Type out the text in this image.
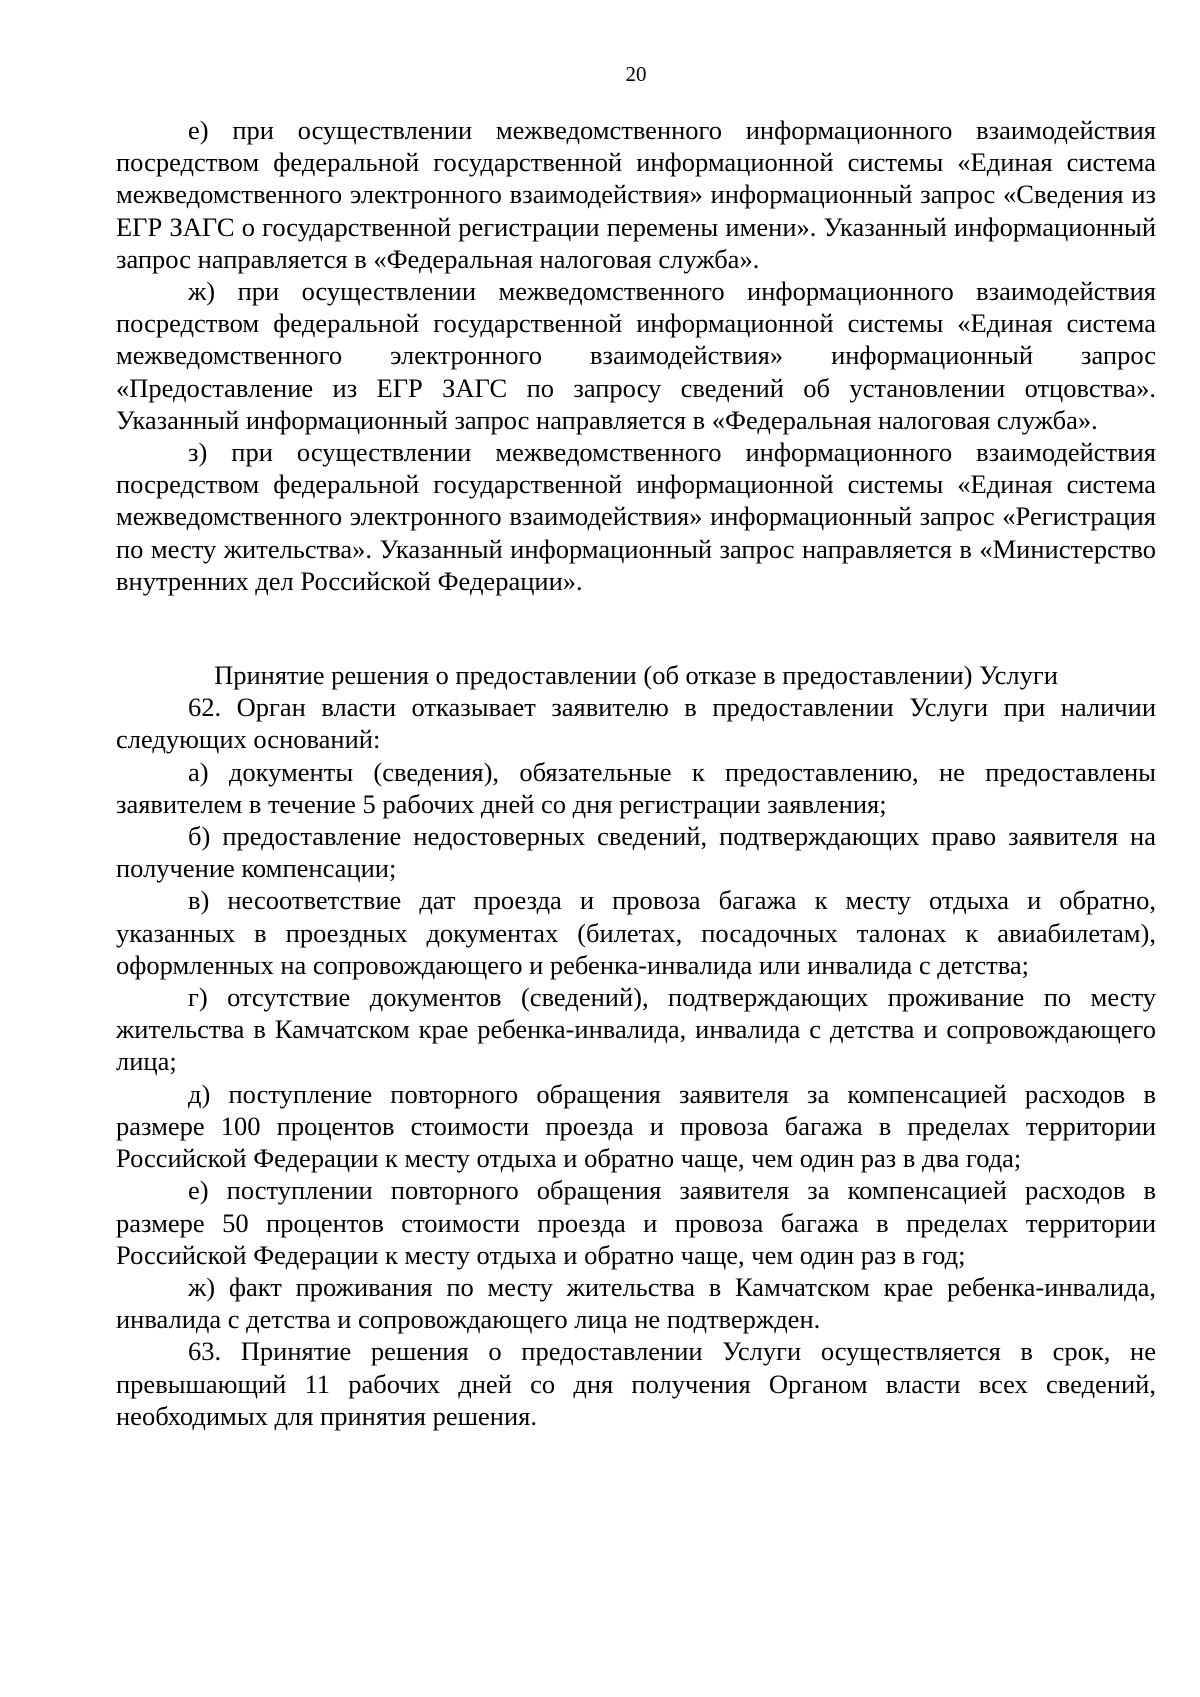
20

е) при осуществлении межведомственного информационного взаимодействия посредством федеральной государственной информационной системы «Единая система межведомственного электронного взаимодействия» информационный запрос «Сведения из ЕГР ЗАГС о государственной регистрации перемены имени». Указанный информационный запрос направляется в «Федеральная налоговая служба».

ж) при осуществлении межведомственного информационного взаимодействия посредством федеральной государственной информационной системы «Единая система межведомственного электронного взаимодействия» информационный запрос «Предоставление из ЕГР ЗАГС по запросу сведений об установлении отцовства». Указанный информационный запрос направляется в «Федеральная налоговая служба».

з) при осуществлении межведомственного информационного взаимодействия посредством федеральной государственной информационной системы «Единая система межведомственного электронного взаимодействия» информационный запрос «Регистрация по месту жительства». Указанный информационный запрос направляется в «Министерство внутренних дел Российской Федерации».

Принятие решения о предоставлении (об отказе в предоставлении) Услуги

62. Орган власти отказывает заявителю в предоставлении Услуги при наличии следующих оснований:

а) документы (сведения), обязательные к предоставлению, не предоставлены заявителем в течение 5 рабочих дней со дня регистрации заявления;

б) предоставление недостоверных сведений, подтверждающих право заявителя на получение компенсации;

в) несоответствие дат проезда и провоза багажа к месту отдыха и обратно, указанных в проездных документах (билетах, посадочных талонах к авиабилетам), оформленных на сопровождающего и ребенка-инвалида или инвалида с детства;

г) отсутствие документов (сведений), подтверждающих проживание по месту жительства в Камчатском крае ребенка-инвалида, инвалида с детства и сопровождающего лица;

д) поступление повторного обращения заявителя за компенсацией расходов в размере 100 процентов стоимости проезда и провоза багажа в пределах территории Российской Федерации к месту отдыха и обратно чаще, чем один раз в два года;

е) поступлении повторного обращения заявителя за компенсацией расходов в размере 50 процентов стоимости проезда и провоза багажа в пределах территории Российской Федерации к месту отдыха и обратно чаще, чем один раз в год;

ж) факт проживания по месту жительства в Камчатском крае ребенка-инвалида, инвалида с детства и сопровождающего лица не подтвержден.

63. Принятие решения о предоставлении Услуги осуществляется в срок, не превышающий 11 рабочих дней со дня получения Органом власти всех сведений, необходимых для принятия решения.
